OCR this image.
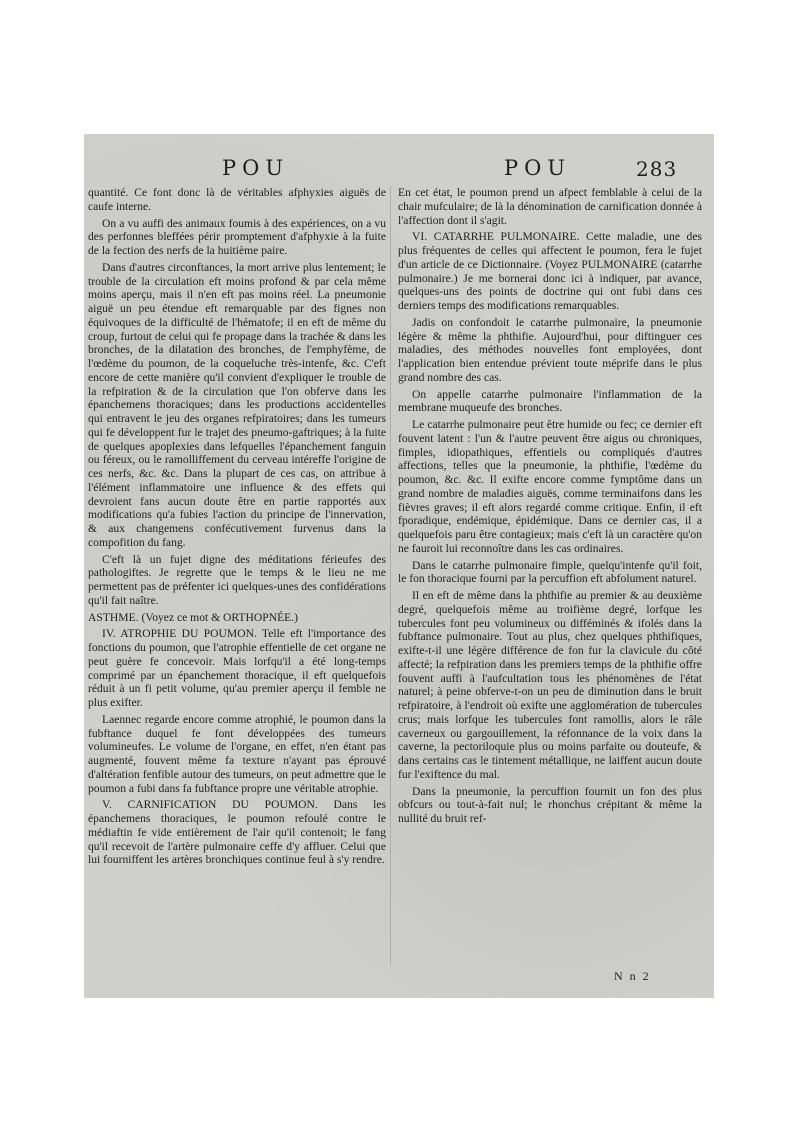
POU	POU	283

quantité. Ce font donc là de véritables afphyxies aiguës de caufe interne.

On a vu auffi des animaux foumis à des expériences, on a vu des perfonnes bleffées périr promptement d'afphyxie à la fuite de la fection des nerfs de la huitième paire.

Dans d'autres circonftances, la mort arrive plus lentement; le trouble de la circulation eft moins profond & par cela même moins aperçu, mais il n'en eft pas moins réel. La pneumonie aiguë un peu étendue eft remarquable par des fignes non équivoques de la difficulté de l'hématofe; il en eft de même du croup, furtout de celui qui fe propage dans la trachée & dans les bronches, de la dilatation des bronches, de l'emphyfème, de l'œdème du poumon, de la coqueluche très-intenfe, &c. C'eft encore de cette manière qu'il convient d'expliquer le trouble de la refpiration & de la circulation que l'on obferve dans les épanchemens thoraciques; dans les productions accidentelles qui entravent le jeu des organes refpiratoires; dans les tumeurs qui fe développent fur le trajet des pneumo-gaftriques; à la fuite de quelques apoplexies dans lefquelles l'épanchement fanguin ou féreux, ou le ramolliffement du cerveau intéreffe l'origine de ces nerfs, &c. &c. Dans la plupart de ces cas, on attribue à l'élément inflammatoire une influence & des effets qui devroient fans aucun doute être en partie rapportés aux modifications qu'a fubies l'action du principe de l'innervation, & aux changemens confécutivement furvenus dans la compofition du fang.

C'eft là un fujet digne des méditations férieufes des pathologiftes. Je regrette que le temps & le lieu ne me permettent pas de préfenter ici quelques-unes des confidérations qu'il fait naître.

ASTHME. (Voyez ce mot & ORTHOPNÉE.)

IV. ATROPHIE DU POUMON. Telle eft l'importance des fonctions du poumon, que l'atrophie effentielle de cet organe ne peut guère fe concevoir. Mais lorfqu'il a été long-temps comprimé par un épanchement thoracique, il eft quelquefois réduit à un fi petit volume, qu'au premier aperçu il femble ne plus exifter.

Laennec regarde encore comme atrophié, le poumon dans la fubftance duquel fe font développées des tumeurs volumineufes. Le volume de l'organe, en effet, n'en étant pas augmenté, fouvent même fa texture n'ayant pas éprouvé d'altération fenfible autour des tumeurs, on peut admettre que le poumon a fubi dans fa fubftance propre une véritable atrophie.

V. CARNIFICATION DU POUMON. Dans les épanchemens thoraciques, le poumon refoulé contre le médiaftin fe vide entièrement de l'air qu'il contenoit; le fang qu'il recevoit de l'artère pulmonaire ceffe d'y affluer. Celui que lui fourniffent les artères bronchiques continue feul à s'y rendre.

En cet état, le poumon prend un afpect femblable à celui de la chair mufculaire; de là la dénomination de carnification donnée à l'affection dont il s'agit.

VI. CATARRHE PULMONAIRE. Cette maladie, une des plus fréquentes de celles qui affectent le poumon, fera le fujet d'un article de ce Dictionnaire. (Voyez PULMONAIRE (catarrhe pulmonaire.) Je me bornerai donc ici à indiquer, par avance, quelques-uns des points de doctrine qui ont fubi dans ces derniers temps des modifications remarquables.

Jadis on confondoit le catarrhe pulmonaire, la pneumonie légère & même la phthifie. Aujourd'hui, pour diftinguer ces maladies, des méthodes nouvelles font employées, dont l'application bien entendue prévient toute méprife dans le plus grand nombre des cas.

On appelle catarrhe pulmonaire l'inflammation de la membrane muqueufe des bronches.

Le catarrhe pulmonaire peut être humide ou fec; ce dernier eft fouvent latent : l'un & l'autre peuvent être aigus ou chroniques, fimples, idiopathiques, effentiels ou compliqués d'autres affections, telles que la pneumonie, la phthifie, l'œdème du poumon, &c. &c. Il exifte encore comme fymptôme dans un grand nombre de maladies aiguës, comme terminaifons dans les fièvres graves; il eft alors regardé comme critique. Enfin, il eft fporadique, endémique, épidémique. Dans ce dernier cas, il a quelquefois paru être contagieux; mais c'eft là un caractère qu'on ne fauroit lui reconnoître dans les cas ordinaires.

Dans le catarrhe pulmonaire fimple, quelqu'intenfe qu'il foit, le fon thoracique fourni par la percuffion eft abfolument naturel.

Il en eft de même dans la phthifie au premier & au deuxième degré, quelquefois même au troifième degré, lorfque les tubercules font peu volumineux ou difféminés & ifolés dans la fubftance pulmonaire. Tout au plus, chez quelques phthifiques, exifte-t-il une légère différence de fon fur la clavicule du côté affecté; la refpiration dans les premiers temps de la phthifie offre fouvent auffi à l'aufcultation tous les phénomènes de l'état naturel; à peine obferve-t-on un peu de diminution dans le bruit refpiratoire, à l'endroit où exifte une agglomération de tubercules crus; mais lorfque les tubercules font ramollis, alors le râle caverneux ou gargouillement, la réfonnance de la voix dans la caverne, la pectoriloquie plus ou moins parfaite ou douteufe, & dans certains cas le tintement métallique, ne laiffent aucun doute fur l'exiftence du mal.

Dans la pneumonie, la percuffion fournit un fon des plus obfcurs ou tout-à-fait nul; le rhonchus crépitant & même la nullité du bruit ref-

N n 2
